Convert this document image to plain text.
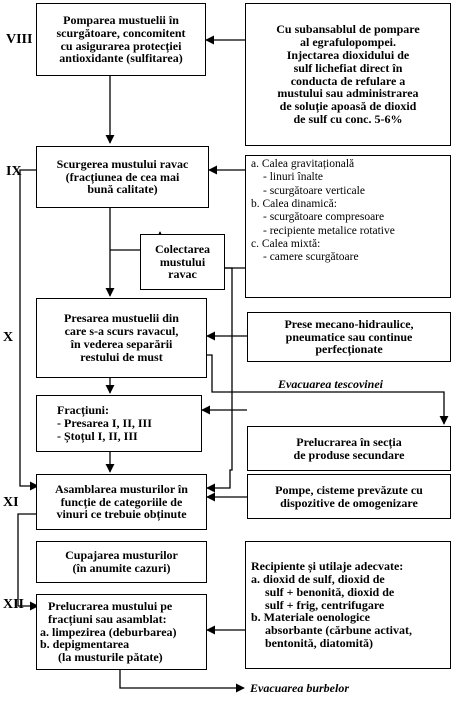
VIII
IX
X
XI
XII
Pomparea mustuelii în
scurgătoare, concomitent
cu asigurarea protecției
antioxidante (sulfitarea)
Cu subansablul de pompare
al egrafulopompei.
Injectarea dioxidului de
sulf lichefiat direct în
conducta de refulare a
mustului sau administrarea
de soluție apoasă de dioxid
de sulf cu conc. 5-6%
Scurgerea mustului ravac
(fracțiunea de cea mai
bună calitate)
a. Calea gravitațională
- linuri înalte
- scurgătoare verticale
b. Calea dinamică:
- scurgătoare compresoare
- recipiente metalice rotative
c. Calea mixtă:
- camere scurgătoare
Colectarea
mustului
ravac
Presarea mustuelii din
care s-a scurs ravacul,
în vederea separării
restului de must
Prese mecano-hidraulice,
pneumatice sau continue
perfecționate
Evacuarea tescovinei
Fracțiuni:
- Presarea I, II, III
- Ștoțul I, II, III	Prelucrarea în secția
de produse secundare
Asamblarea musturilor în
funcție de categoriile de
vinuri ce trebuie obținute
Pompe, cisteme prevăzute cu
dispozitive de omogenizare
Cupajarea musturilor
(în anumite cazuri)
Prelucrarea mustului pe
fracțiuni sau asamblat:
a. limpezirea (deburbarea)
b. depigmentarea
(la musturile pătate)
Recipiente și utilaje adecvate:
a. dioxid de sulf, dioxid de
sulf + benonită, dioxid de
sulf + frig, centrifugare
b. Materiale oenologice
absorbante (cărbune activat,
bentonită, diatomită)
Evacuarea burbelor
